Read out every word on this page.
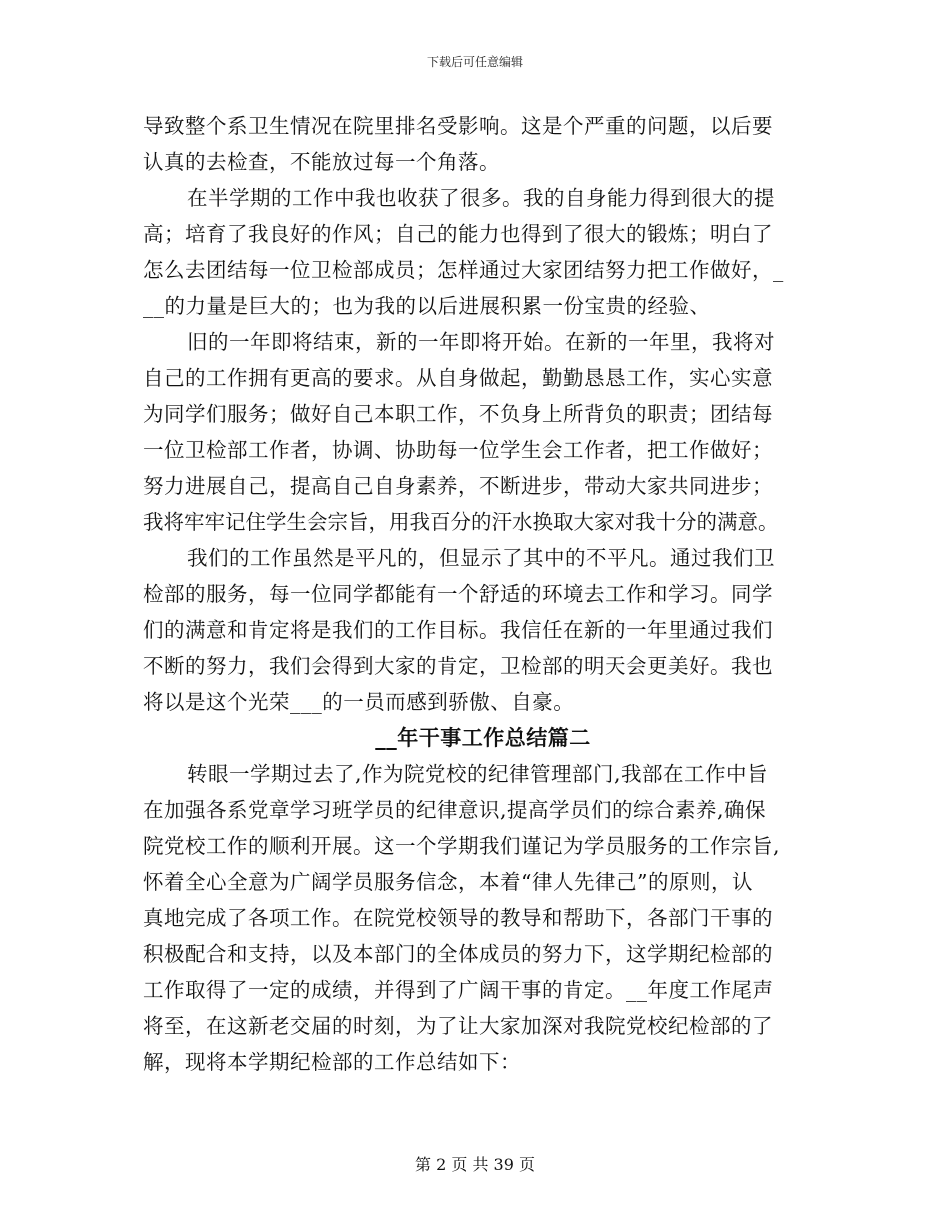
下载后可任意编辑
导致整个系卫生情况在院里排名受影响。这是个严重的问题，以后要
认真的去检查，不能放过每一个角落。
在半学期的工作中我也收获了很多。我的自身能力得到很大的提
高；培育了我良好的作风；自己的能力也得到了很大的锻炼；明白了
怎么去团结每一位卫检部成员；怎样通过大家团结努力把工作做好，_
__的力量是巨大的；也为我的以后进展积累一份宝贵的经验、
旧的一年即将结束，新的一年即将开始。在新的一年里，我将对
自己的工作拥有更高的要求。从自身做起，勤勤恳恳工作，实心实意
为同学们服务；做好自己本职工作，不负身上所背负的职责；团结每
一位卫检部工作者，协调、协助每一位学生会工作者，把工作做好；
努力进展自己，提高自己自身素养，不断进步，带动大家共同进步；
我将牢牢记住学生会宗旨，用我百分的汗水换取大家对我十分的满意。
我们的工作虽然是平凡的，但显示了其中的不平凡。通过我们卫
检部的服务，每一位同学都能有一个舒适的环境去工作和学习。同学
们的满意和肯定将是我们的工作目标。我信任在新的一年里通过我们
不断的努力，我们会得到大家的肯定，卫检部的明天会更美好。我也
将以是这个光荣___的一员而感到骄傲、自豪。
__年干事工作总结篇二
转眼一学期过去了,作为院党校的纪律管理部门,我部在工作中旨
在加强各系党章学习班学员的纪律意识,提高学员们的综合素养,确保
院党校工作的顺利开展。这一个学期我们谨记为学员服务的工作宗旨,
怀着全心全意为广阔学员服务信念，本着“律人先律己”的原则，认
真地完成了各项工作。在院党校领导的教导和帮助下，各部门干事的
积极配合和支持，以及本部门的全体成员的努力下，这学期纪检部的
工作取得了一定的成绩，并得到了广阔干事的肯定。__年度工作尾声
将至，在这新老交届的时刻，为了让大家加深对我院党校纪检部的了
解，现将本学期纪检部的工作总结如下：
第 2 页 共 39 页
